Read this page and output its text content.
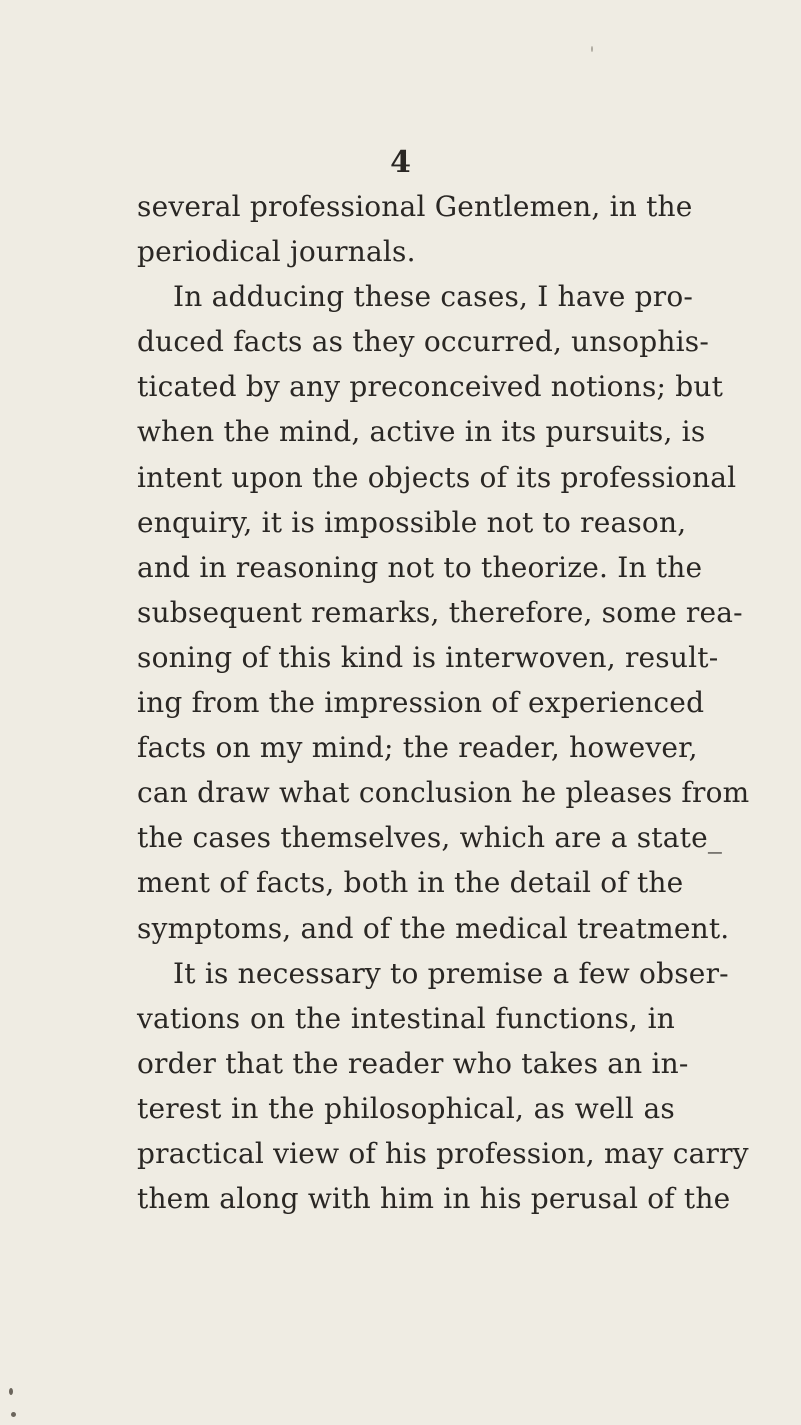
4
several professional Gentlemen, in the
periodical journals.
In adducing these cases, I have pro-
duced facts as they occurred, unsophis-
ticated by any preconceived notions; but
when the mind, active in its pursuits, is
intent upon the objects of its professional
enquiry, it is impossible not to reason,
and in reasoning not to theorize. In the
subsequent remarks, therefore, some rea-
soning of this kind is interwoven, result-
ing from the impression of experienced
facts on my mind; the reader, however,
can draw what conclusion he pleases from
the cases themselves, which are a state_
ment of facts, both in the detail of the
symptoms, and of the medical treatment.
It is necessary to premise a few obser-
vations on the intestinal functions, in
order that the reader who takes an in-
terest in the philosophical, as well as
practical view of his profession, may carry
them along with him in his perusal of the
